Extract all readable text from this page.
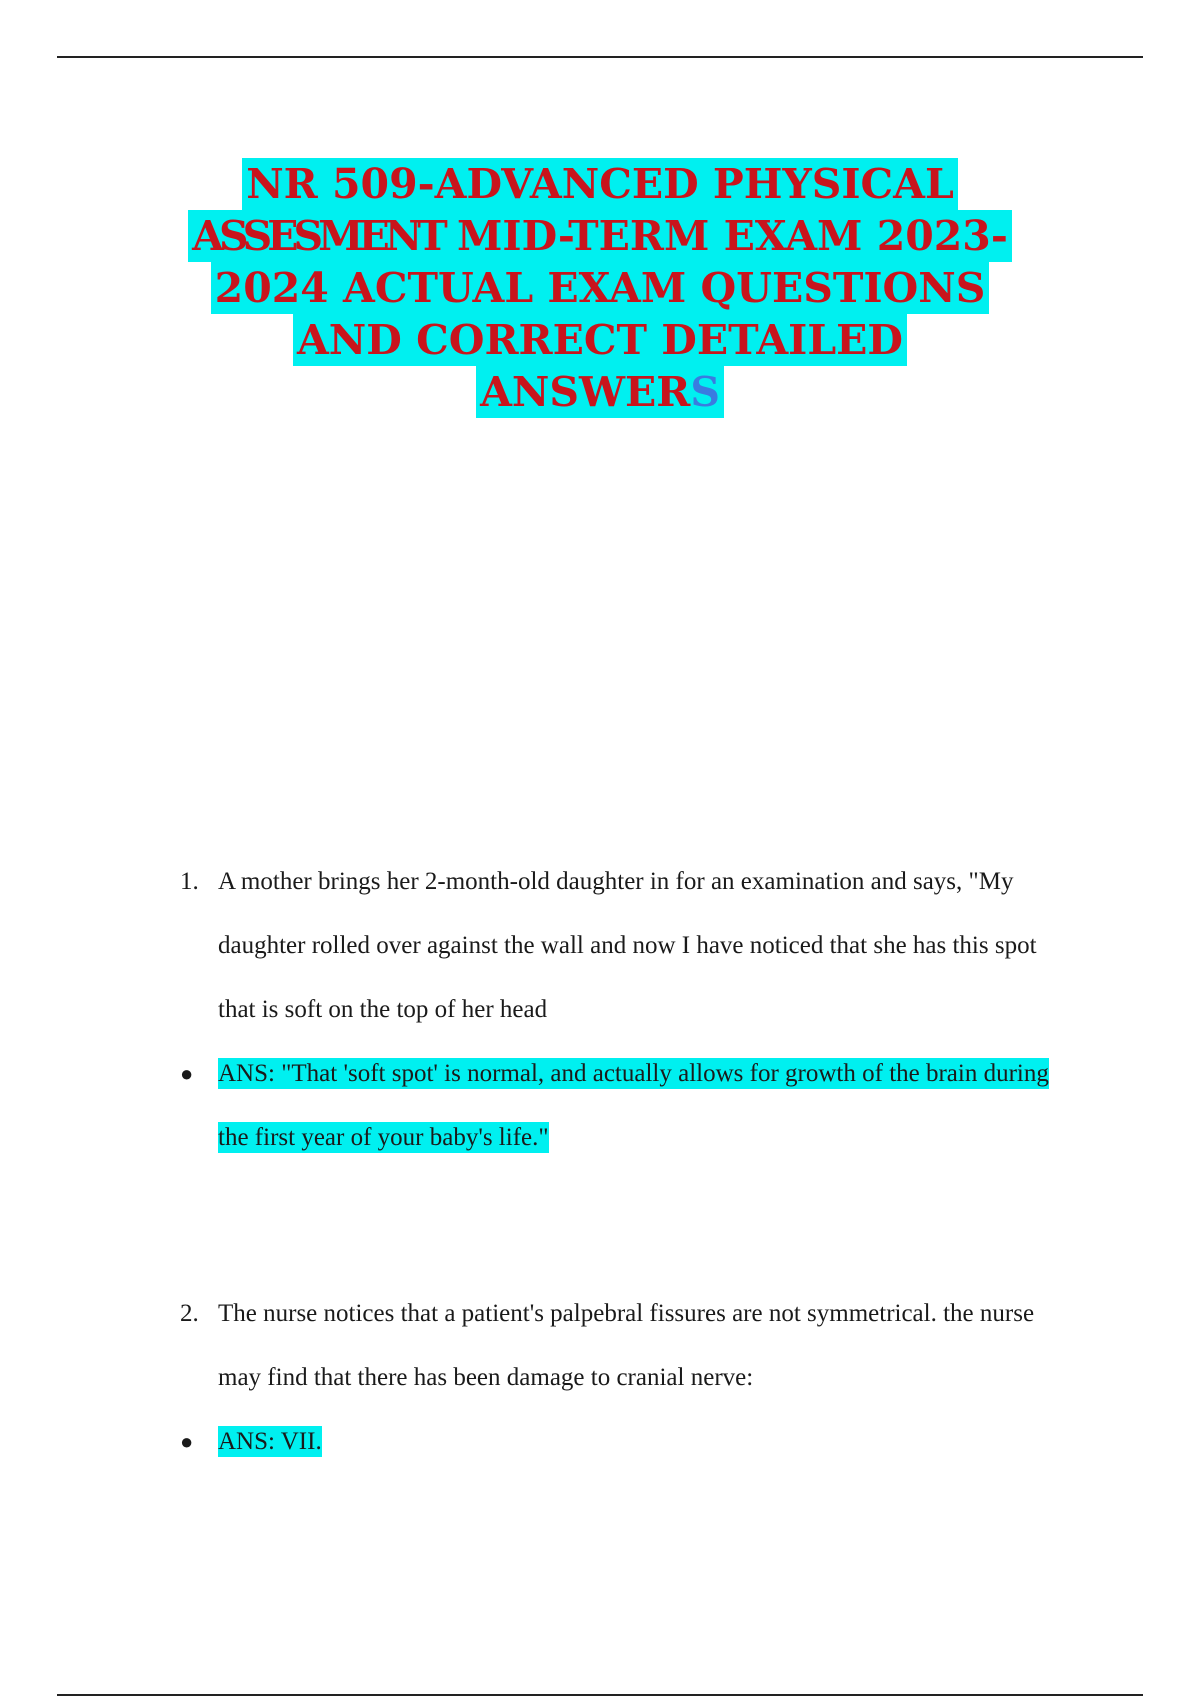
NR 509-ADVANCED PHYSICAL
ASSESMENT MID-TERM EXAM 2023-
2024 ACTUAL EXAM QUESTIONS
AND CORRECT DETAILED
ANSWERS
1. A mother brings her 2-month-old daughter in for an examination and says, "My daughter rolled over against the wall and now I have noticed that she has this spot that is soft on the top of her head
● ANS: "That 'soft spot' is normal, and actually allows for growth of the brain during the first year of your baby's life."
2. The nurse notices that a patient's palpebral fissures are not symmetrical. the nurse may find that there has been damage to cranial nerve:
● ANS: VII.
